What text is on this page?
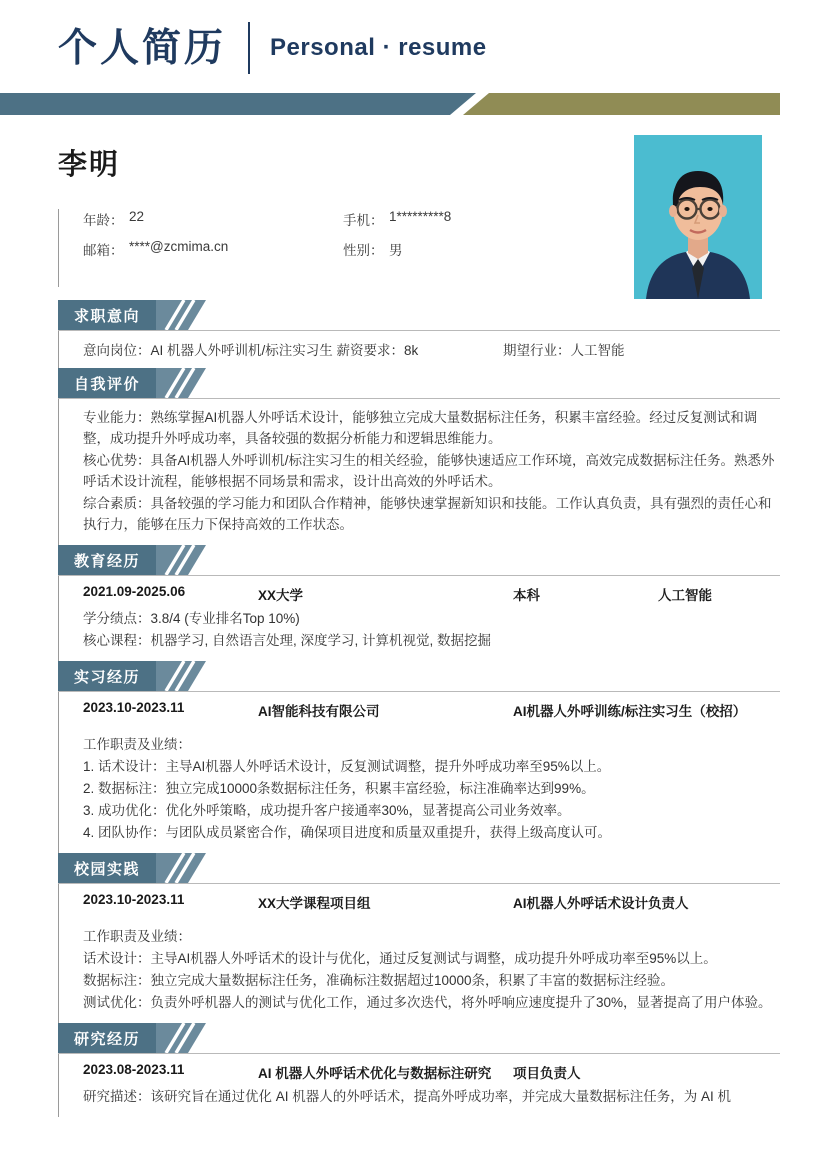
个人简历 Personal · resume
李明
年龄： 22	手机： 1*********8
邮箱： ****@zcmima.cn	性别： 男
求职意向
意向岗位：AI 机器人外呼训机/标注实习生 薪资要求：8k	期望行业：人工智能
自我评价

专业能力：熟练掌握AI机器人外呼话术设计，能够独立完成大量数据标注任务，积累丰富经验。经过反复测试和调整，成功提升外呼成功率，具备较强的数据分析能力和逻辑思维能力。

核心优势：具备AI机器人外呼训机/标注实习生的相关经验，能够快速适应工作环境，高效完成数据标注任务。熟悉外呼话术设计流程，能够根据不同场景和需求，设计出高效的外呼话术。

综合素质：具备较强的学习能力和团队合作精神，能够快速掌握新知识和技能。工作认真负责，具有强烈的责任心和执行力，能够在压力下保持高效的工作状态。

教育经历
2021.09-2025.06	XX大学	本科	人工智能

学分绩点：3.8/4 (专业排名Top 10%)

核心课程：机器学习, 自然语言处理, 深度学习, 计算机视觉, 数据挖掘

实习经历
2023.10-2023.11	AI智能科技有限公司	AI机器人外呼训练/标注实习生（校招）

工作职责及业绩：

1. 话术设计：主导AI机器人外呼话术设计，反复测试调整，提升外呼成功率至95%以上。

2. 数据标注：独立完成10000条数据标注任务，积累丰富经验，标注准确率达到99%。

3. 成功优化：优化外呼策略，成功提升客户接通率30%，显著提高公司业务效率。

4. 团队协作：与团队成员紧密合作，确保项目进度和质量双重提升，获得上级高度认可。

校园实践
2023.10-2023.11	XX大学课程项目组	AI机器人外呼话术设计负责人

工作职责及业绩：

话术设计：主导AI机器人外呼话术的设计与优化，通过反复测试与调整，成功提升外呼成功率至95%以上。

数据标注：独立完成大量数据标注任务，准确标注数据超过10000条，积累了丰富的数据标注经验。

测试优化：负责外呼机器人的测试与优化工作，通过多次迭代，将外呼响应速度提升了30%，显著提高了用户体验。

研究经历
2023.08-2023.11	AI 机器人外呼话术优化与数据标注研究	项目负责人

研究描述：该研究旨在通过优化 AI 机器人的外呼话术，提高外呼成功率，并完成大量数据标注任务，为 AI 机
